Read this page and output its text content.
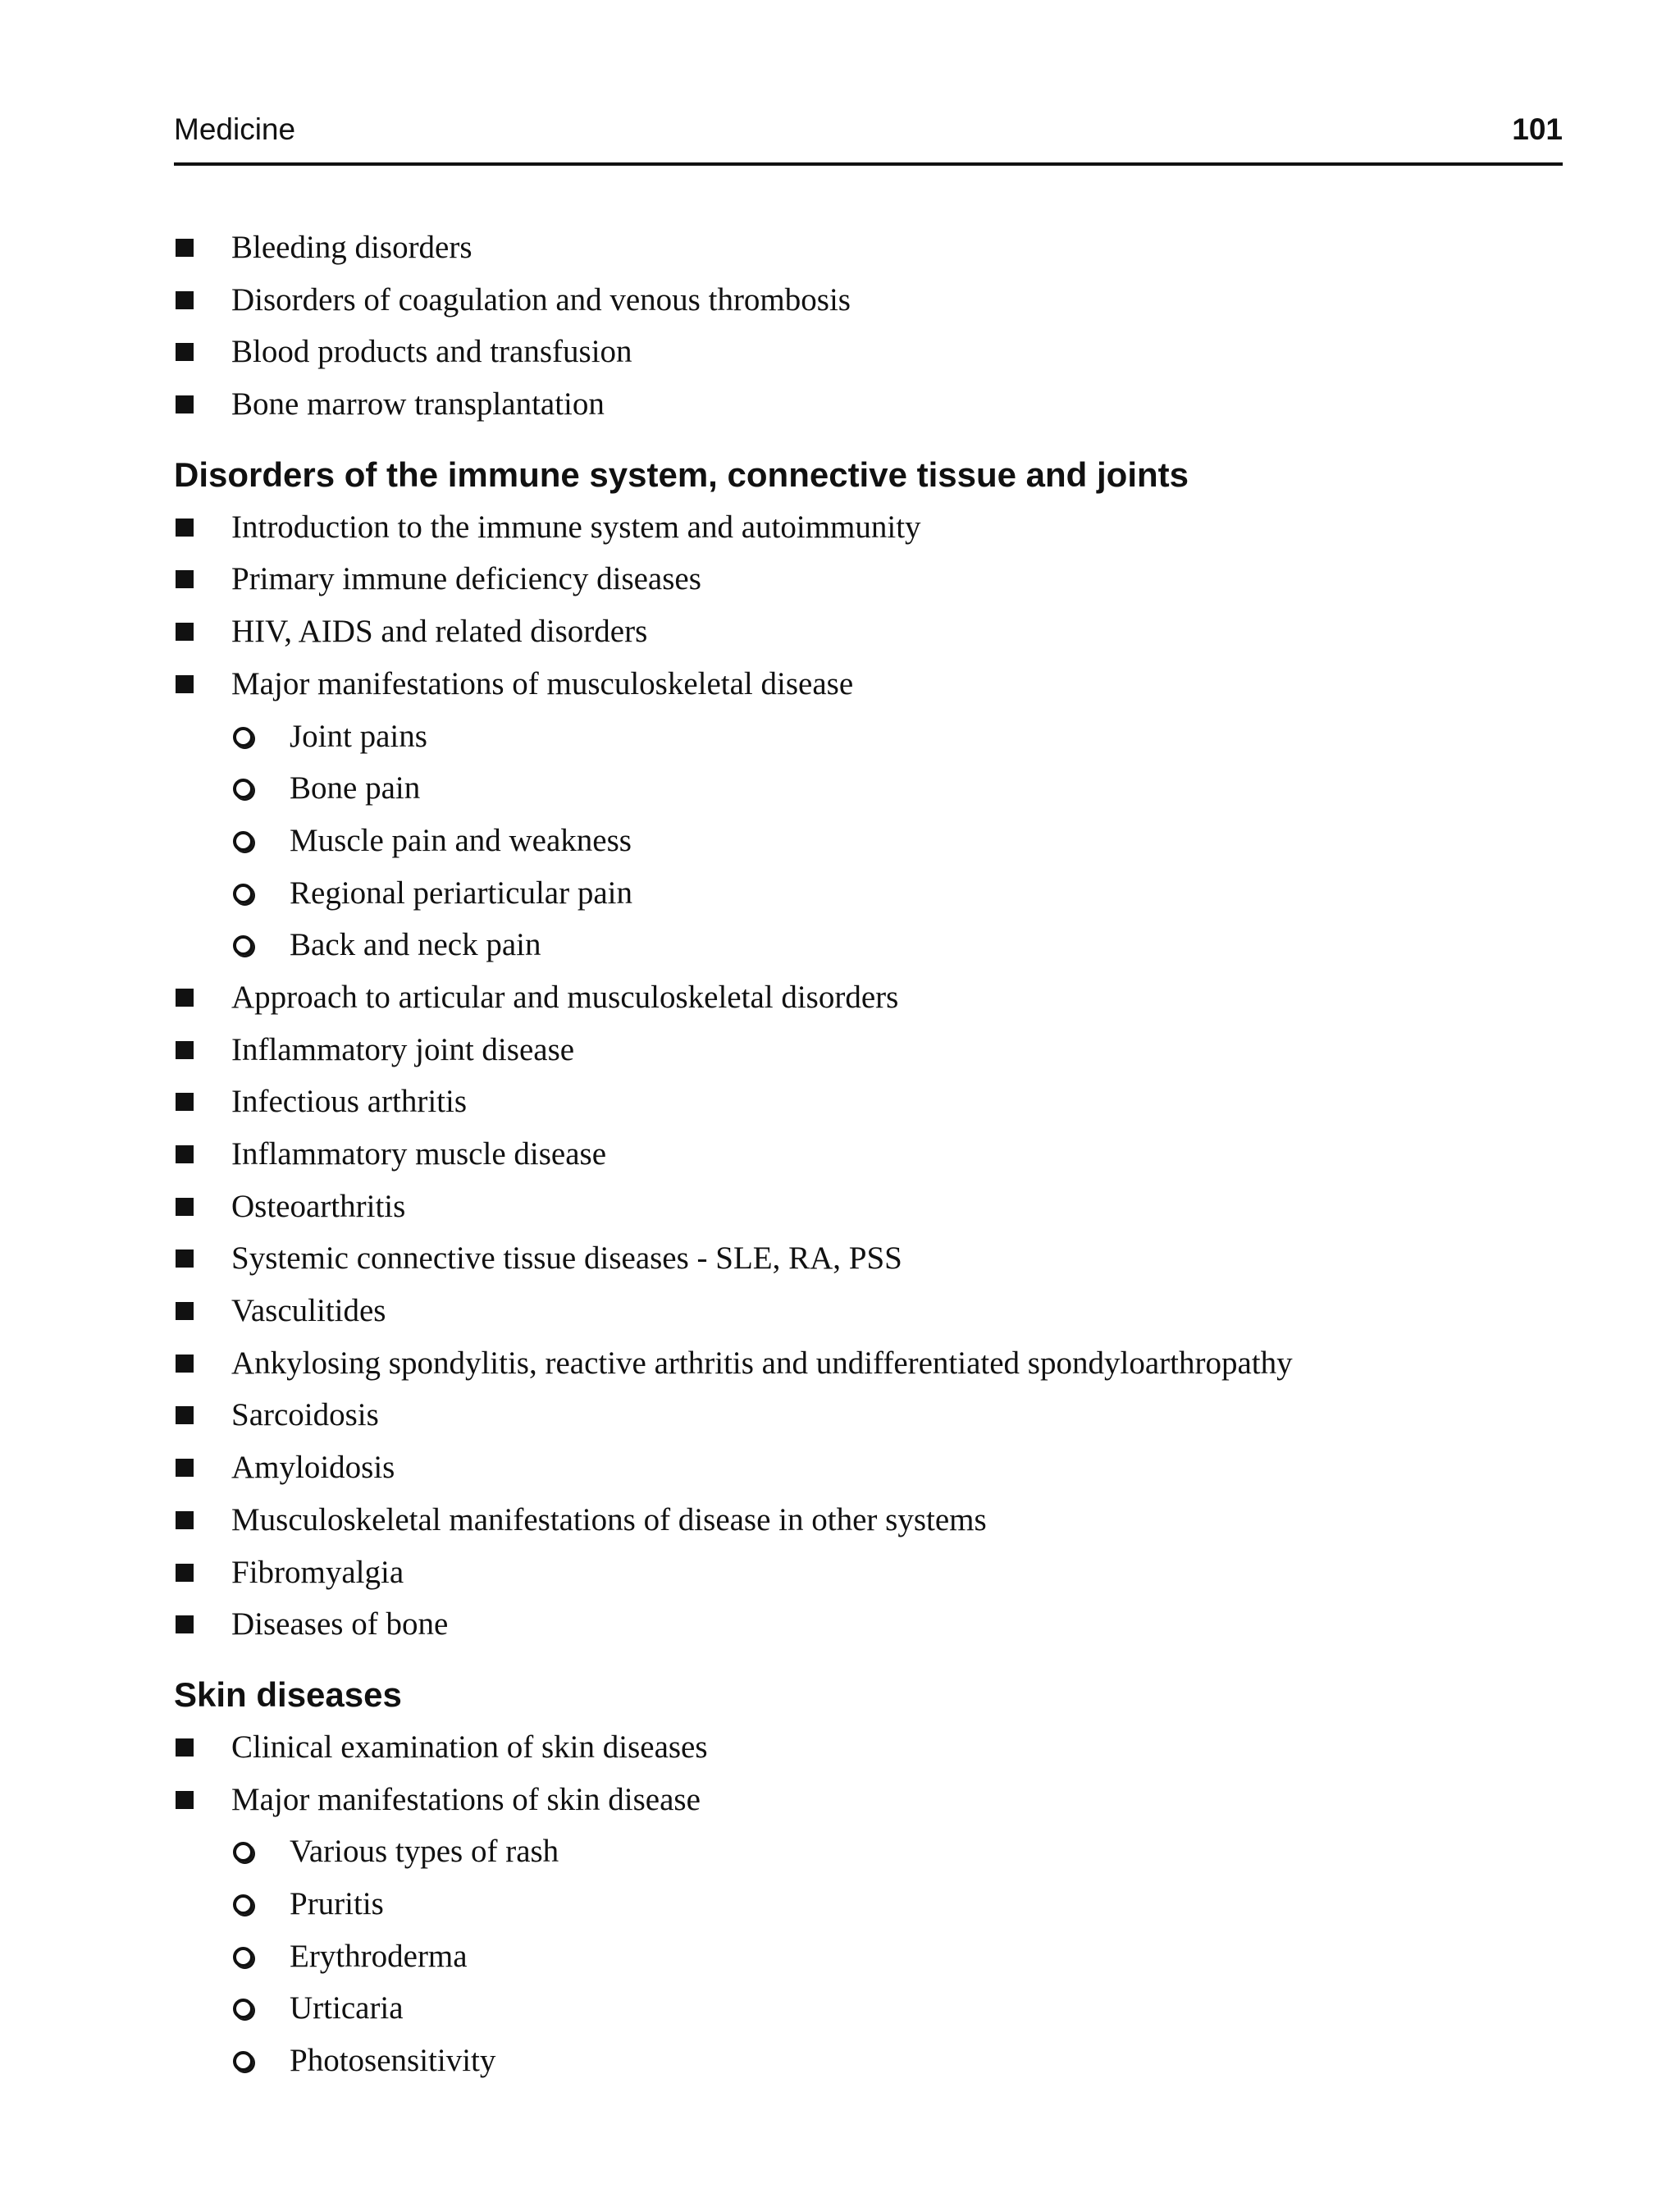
Medicine	101
Bleeding disorders
Disorders of coagulation and venous thrombosis
Blood products and transfusion
Bone marrow transplantation
Disorders of the immune system, connective tissue and joints
Introduction to the immune system and autoimmunity
Primary immune deficiency diseases
HIV, AIDS and related disorders
Major manifestations of musculoskeletal disease
Joint pains
Bone pain
Muscle pain and weakness
Regional periarticular pain
Back and neck pain
Approach to articular and musculoskeletal disorders
Inflammatory joint disease
Infectious arthritis
Inflammatory muscle disease
Osteoarthritis
Systemic connective tissue diseases - SLE, RA, PSS
Vasculitides
Ankylosing spondylitis, reactive arthritis and undifferentiated spondyloarthropathy
Sarcoidosis
Amyloidosis
Musculoskeletal manifestations of disease in other systems
Fibromyalgia
Diseases of bone
Skin diseases
Clinical examination of skin diseases
Major manifestations of skin disease
Various types of rash
Pruritis
Erythroderma
Urticaria
Photosensitivity
